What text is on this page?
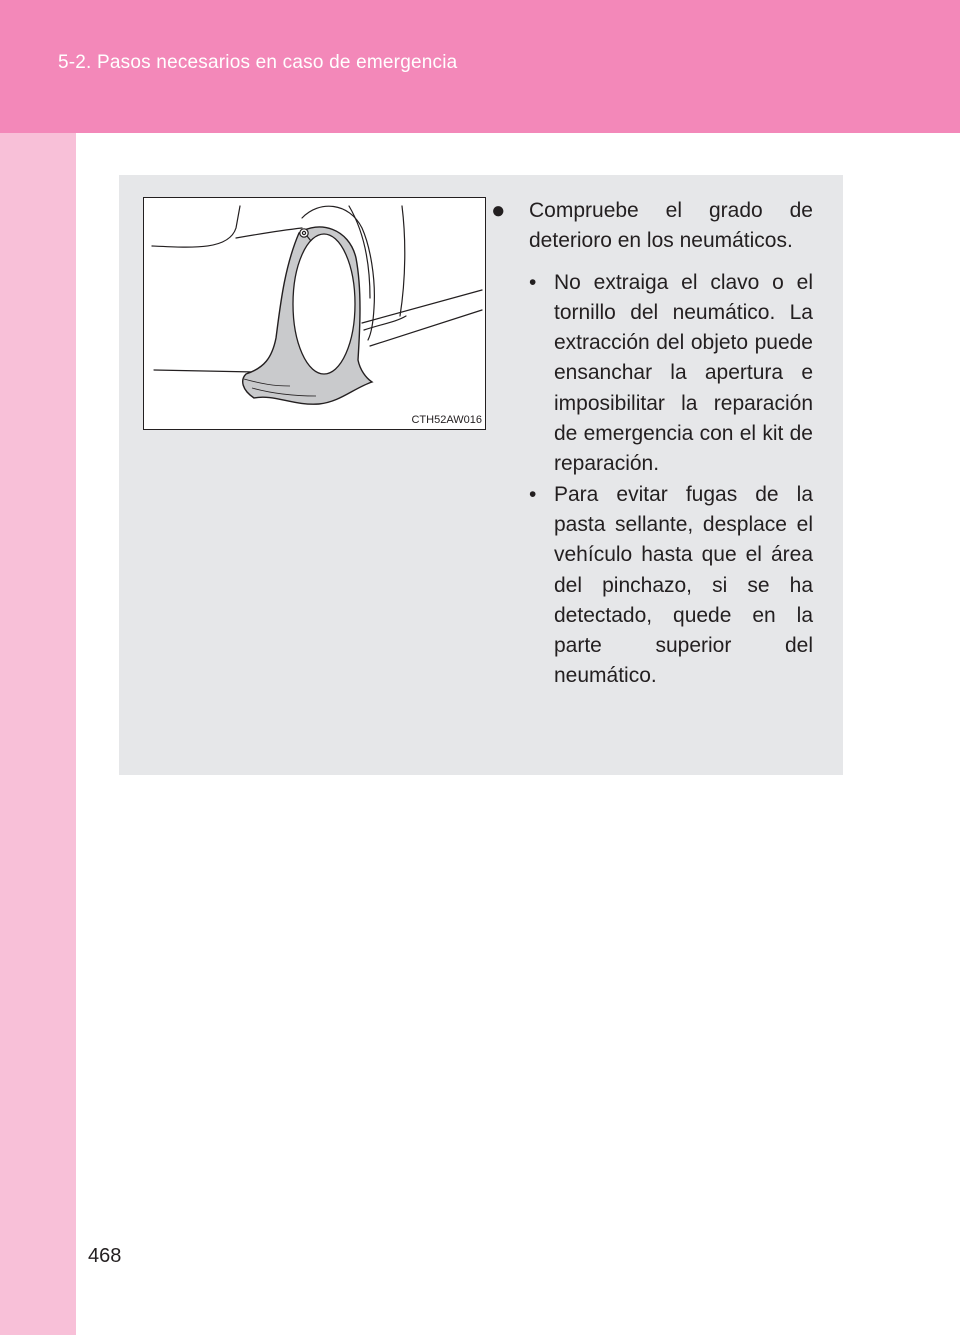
5-2. Pasos necesarios en caso de emergencia
CTH52AW016
● Compruebe el grado de deterioro en los neumáticos.
• No extraiga el clavo o el tornillo del neumático. La extracción del objeto puede ensanchar la apertura e imposibilitar la reparación de emergencia con el kit de reparación.
• Para evitar fugas de la pasta sellante, desplace el vehículo hasta que el área del pinchazo, si se ha detectado, quede en la parte superior del neumático.
468
